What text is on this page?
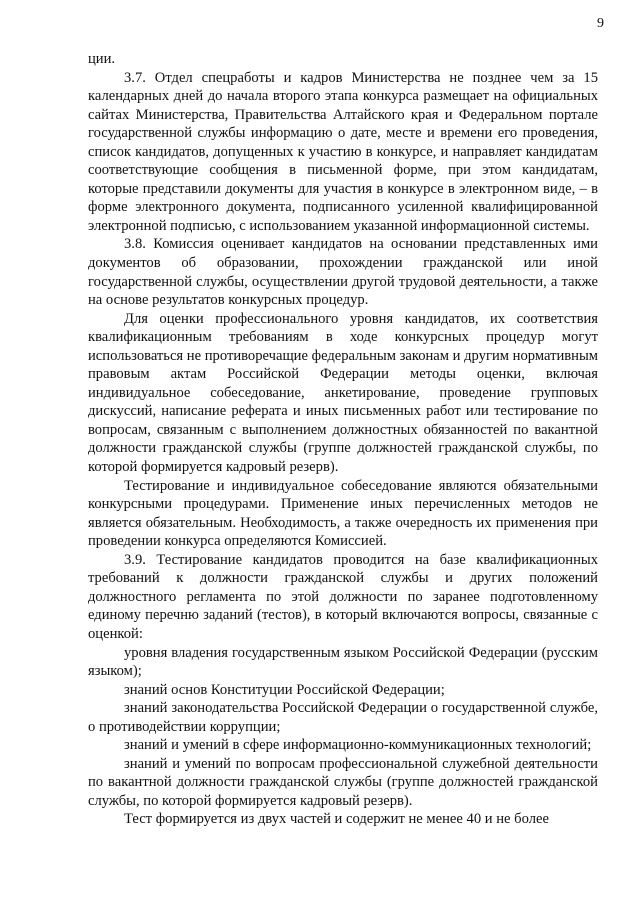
9

ции.

3.7. Отдел спецработы и кадров Министерства не позднее чем за 15 календарных дней до начала второго этапа конкурса размещает на официальных сайтах Министерства, Правительства Алтайского края и Федеральном портале государственной службы информацию о дате, месте и времени его проведения, список кандидатов, допущенных к участию в конкурсе, и направляет кандидатам соответствующие сообщения в письменной форме, при этом кандидатам, которые представили документы для участия в конкурсе в электронном виде, – в форме электронного документа, подписанного усиленной квалифицированной электронной подписью, с использованием указанной информационной системы.

3.8. Комиссия оценивает кандидатов на основании представленных ими документов об образовании, прохождении гражданской или иной государственной службы, осуществлении другой трудовой деятельности, а также на основе результатов конкурсных процедур.

Для оценки профессионального уровня кандидатов, их соответствия квалификационным требованиям в ходе конкурсных процедур могут использоваться не противоречащие федеральным законам и другим нормативным правовым актам Российской Федерации методы оценки, включая индивидуальное собеседование, анкетирование, проведение групповых дискуссий, написание реферата и иных письменных работ или тестирование по вопросам, связанным с выполнением должностных обязанностей по вакантной должности гражданской службы (группе должностей гражданской службы, по которой формируется кадровый резерв).

Тестирование и индивидуальное собеседование являются обязательными конкурсными процедурами. Применение иных перечисленных методов не является обязательным. Необходимость, а также очередность их применения при проведении конкурса определяются Комиссией.

3.9. Тестирование кандидатов проводится на базе квалификационных требований к должности гражданской службы и других положений должностного регламента по этой должности по заранее подготовленному единому перечню заданий (тестов), в который включаются вопросы, связанные с оценкой:

уровня владения государственным языком Российской Федерации (русским языком);

знаний основ Конституции Российской Федерации;

знаний законодательства Российской Федерации о государственной службе, о противодействии коррупции;

знаний и умений в сфере информационно-коммуникационных технологий;

знаний и умений по вопросам профессиональной служебной деятельности по вакантной должности гражданской службы (группе должностей гражданской службы, по которой формируется кадровый резерв).

Тест формируется из двух частей и содержит не менее 40 и не более
